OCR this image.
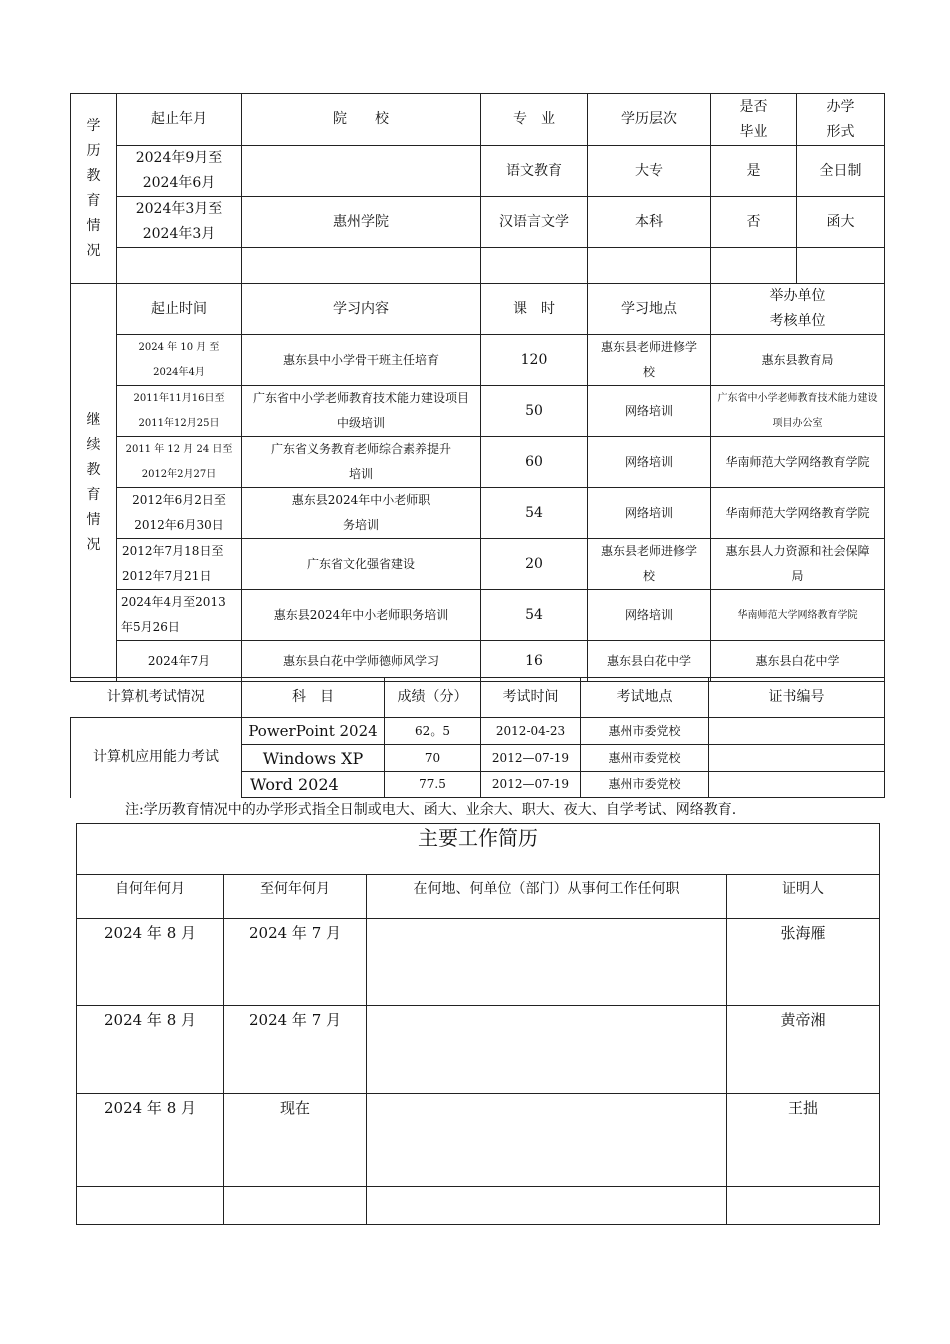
学历教育情况	起止年月	院　　校	专　业	学历层次	是否毕业	办学形式

	2024年9月至2024年6月		语文教育	大专	是	全日制

	2024年3月至2024年3月	惠州学院	汉语言文学	本科	否	函大

继续教育情况	起止时间	学习内容	课　时	学习地点	举办单位考核单位	

	2024 年 10 月 至 2024年4月	惠东县中小学骨干班主任培育	120	惠东县老师进修学校	惠东县教育局	

	2011年11月16日至2011年12月25日	广东省中小学老师教育技术能力建设项目中级培训	50	网络培训	广东省中小学老师教育技术能力建设项目办公室	

	2011 年 12 月 24 日至2012年2月27日	广东省义务教育老师综合素养提升培训	60	网络培训	华南师范大学网络教育学院	

	2012年6月2日至2012年6月30日	惠东县2024年中小老师职务培训	54	网络培训	华南师范大学网络教育学院	

	2012年7月18日至2012年7月21日	广东省文化强省建设	20	惠东县老师进修学校	惠东县人力资源和社会保障局	

	2024年4月至2013年5月26日	惠东县2024年中小老师职务培训	54	网络培训	华南师范大学网络教育学院	
	2024年7月	惠东县白花中学师德师风学习	16	惠东县白花中学	惠东县白花中学	
计算机考试情况	科　目	成绩（分）	考试时间	考试地点	证书编号
计算机应用能力考试	PowerPoint 2024	62。5	2012-04-23	惠州市委党校	
	Windows XP	70	2012—07-19	惠州市委党校	
	Word 2024	77.5	2012—07-19	惠州市委党校	
注:学历教育情况中的办学形式指全日制或电大、函大、业余大、职大、夜大、自学考试、网络教育.
主要工作简历			
自何年何月	至何年何月	在何地、何单位（部门）从事何工作任何职	证明人
2024 年 8 月	2024 年 7 月		张海雁
2024 年 8 月	2024 年 7 月		黄帝湘
2024 年 8 月	现在		王拙
